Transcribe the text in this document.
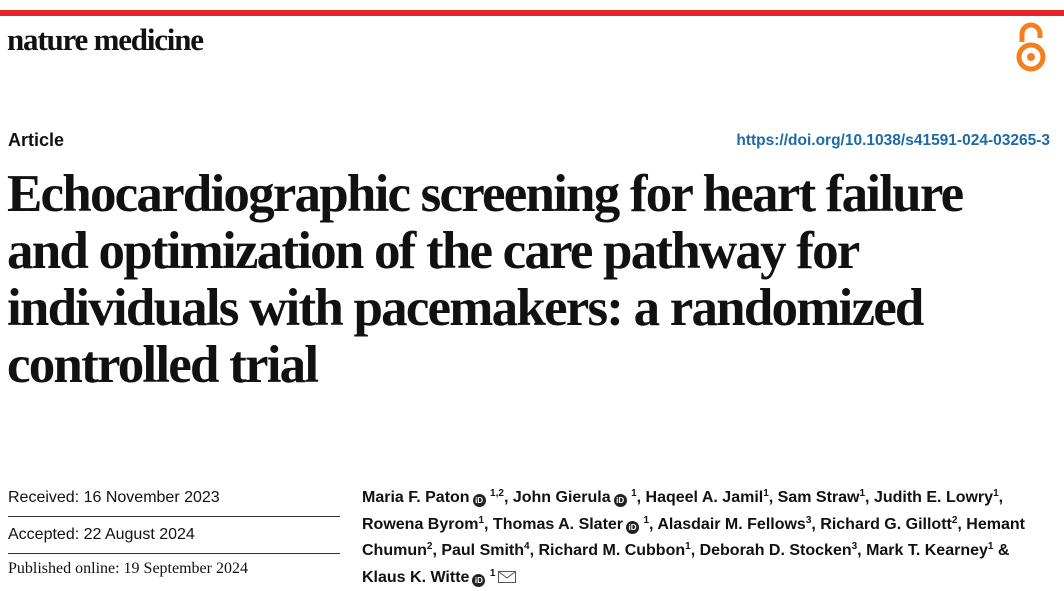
nature medicine
Article	https://doi.org/10.1038/s41591-024-03265-3
Echocardiographic screening for heart failure and optimization of the care pathway for individuals with pacemakers: a randomized controlled trial
Received: 16 November 2023
Accepted: 22 August 2024
Published online: 19 September 2024
Maria F. Paton iD $^{1,2}$, John Gierula iD $^1$, Haqeel A. Jamil$^1$, Sam Straw$^1$, Judith E. Lowry$^1$, Rowena Byrom$^1$, Thomas A. Slater iD $^1$, Alasdair M. Fellows$^3$, Richard G. Gillott$^2$, Hemant Chumun$^2$, Paul Smith$^4$, Richard M. Cubbon$^1$, Deborah D. Stocken$^3$, Mark T. Kearney$^1$ & Klaus K. Witte iD $^1$
